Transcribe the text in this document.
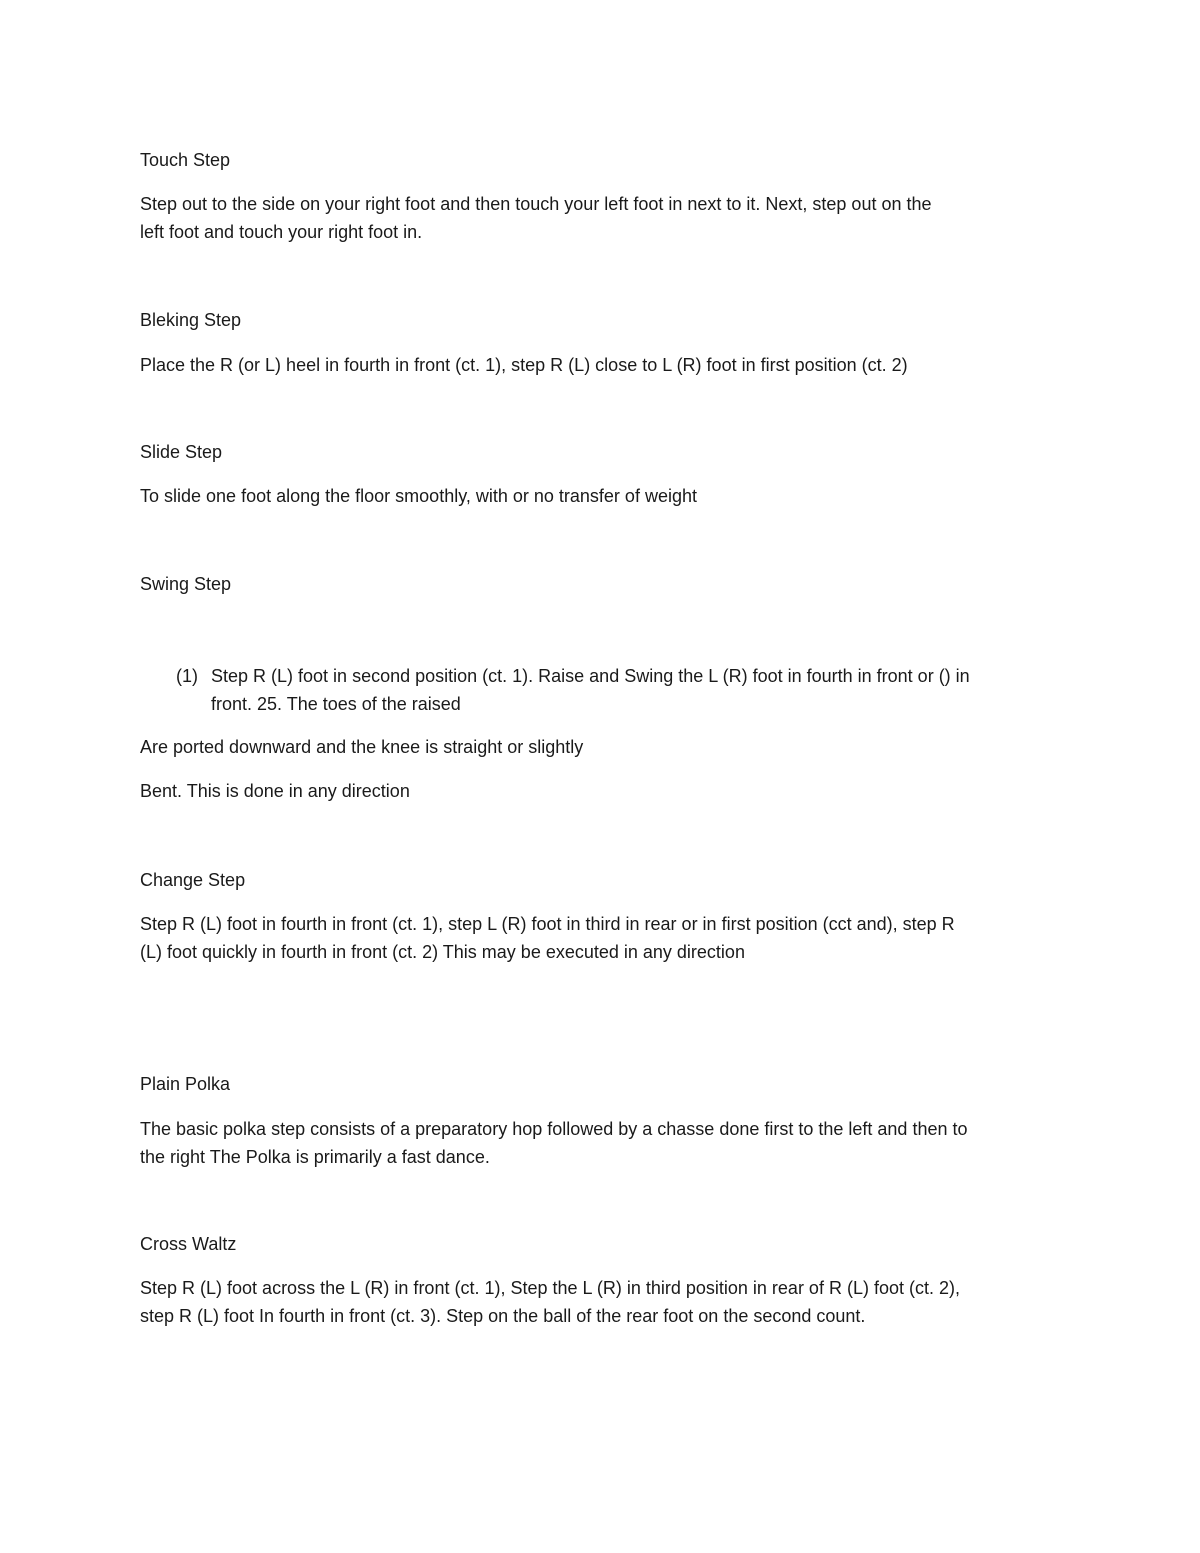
Touch Step
Step out to the side on your right foot and then touch your left foot in next to it. Next, step out on the
left foot and touch your right foot in.
Bleking Step
Place the R (or L) heel in fourth in front (ct. 1), step R (L) close to L (R) foot in first position (ct. 2)
Slide Step
To slide one foot along the floor smoothly, with or no transfer of weight
Swing Step
(1) Step R (L) foot in second position (ct. 1). Raise and Swing the L (R) foot in fourth in front or () in
front. 25. The toes of the raised
Are ported downward and the knee is straight or slightly
Bent. This is done in any direction
Change Step
Step R (L) foot in fourth in front (ct. 1), step L (R) foot in third in rear or in first position (cct and), step R
(L) foot quickly in fourth in front (ct. 2) This may be executed in any direction
Plain Polka
The basic polka step consists of a preparatory hop followed by a chasse done first to the left and then to
the right The Polka is primarily a fast dance.
Cross Waltz
Step R (L) foot across the L (R) in front (ct. 1), Step the L (R) in third position in rear of R (L) foot (ct. 2),
step R (L) foot In fourth in front (ct. 3). Step on the ball of the rear foot on the second count.
